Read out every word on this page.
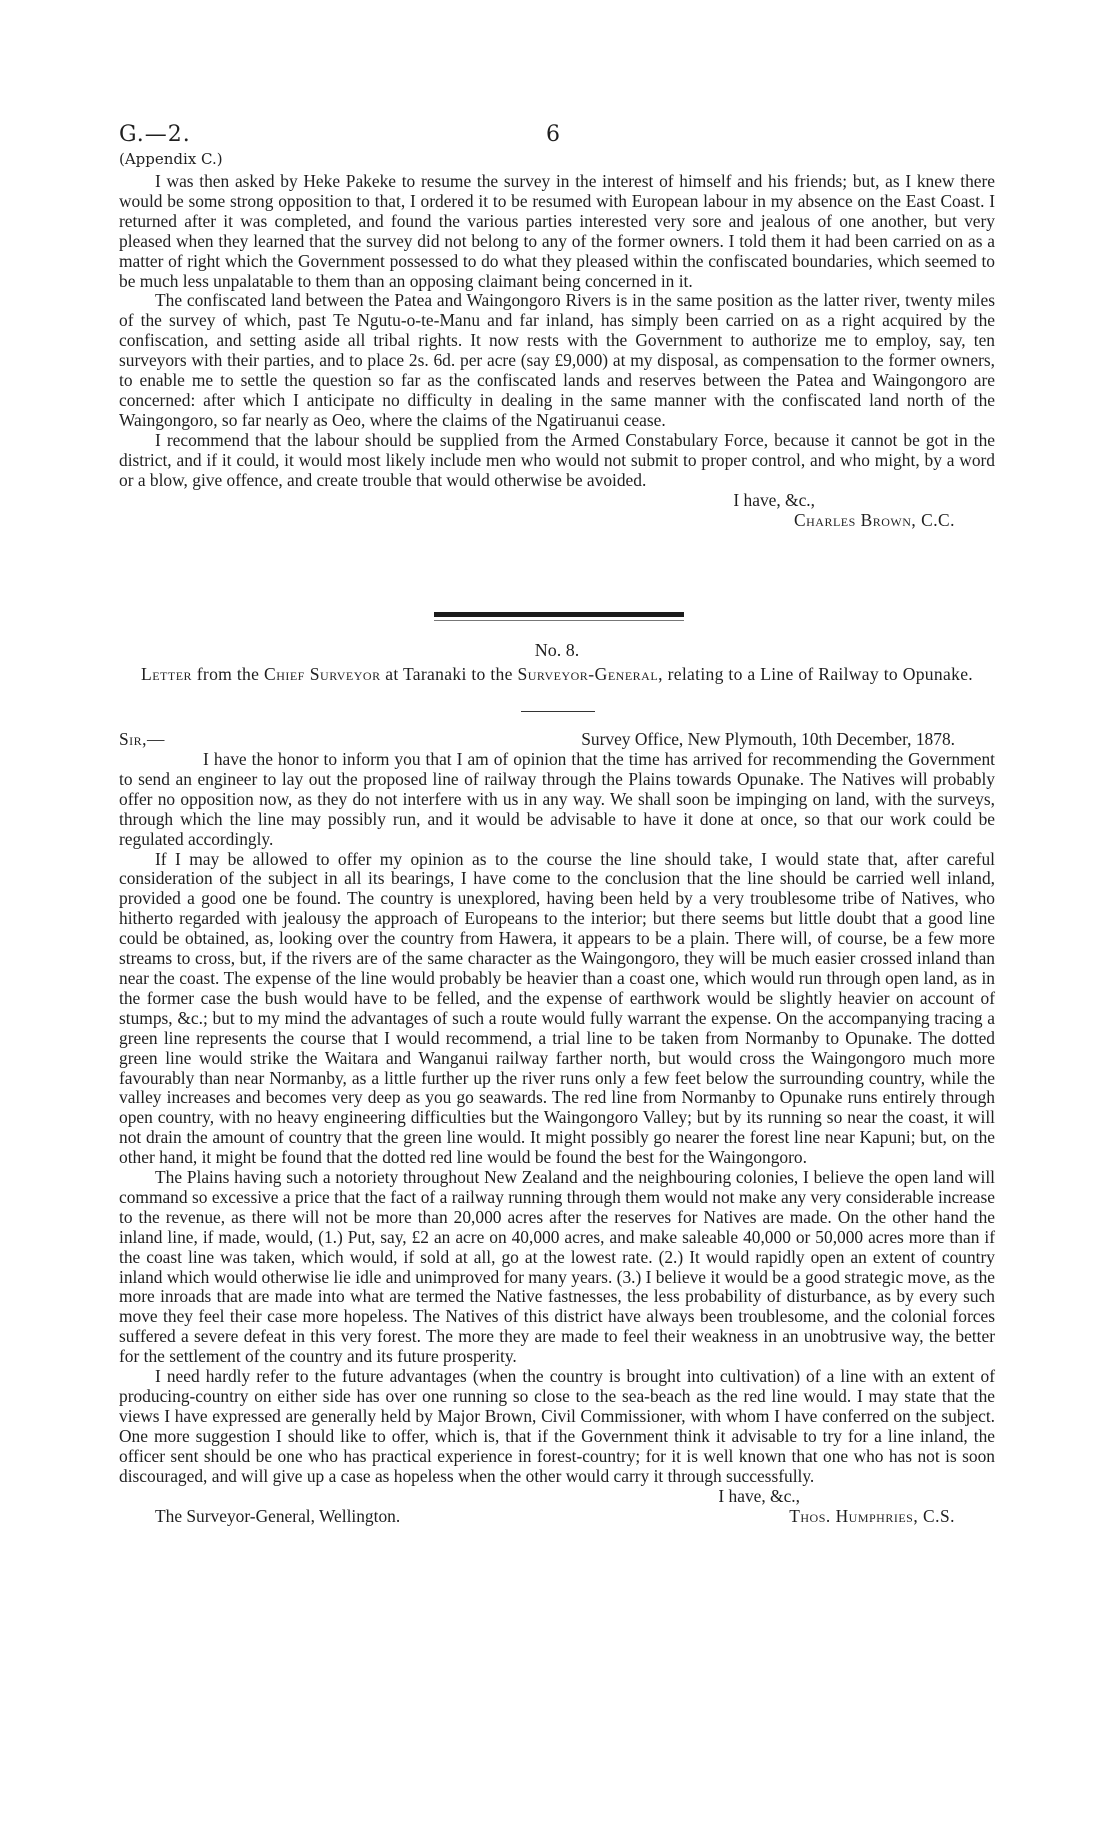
G.—2.
(Appendix C.)
6

I was then asked by Heke Pakeke to resume the survey in the interest of himself and his friends; but, as I knew there would be some strong opposition to that, I ordered it to be resumed with European labour in my absence on the East Coast. I returned after it was completed, and found the various parties interested very sore and jealous of one another, but very pleased when they learned that the survey did not belong to any of the former owners. I told them it had been carried on as a matter of right which the Government possessed to do what they pleased within the confiscated boundaries, which seemed to be much less unpalatable to them than an opposing claimant being concerned in it.

The confiscated land between the Patea and Waingongoro Rivers is in the same position as the latter river, twenty miles of the survey of which, past Te Ngutu-o-te-Manu and far inland, has simply been carried on as a right acquired by the confiscation, and setting aside all tribal rights. It now rests with the Government to authorize me to employ, say, ten surveyors with their parties, and to place 2s. 6d. per acre (say £9,000) at my disposal, as compensation to the former owners, to enable me to settle the question so far as the confiscated lands and reserves between the Patea and Waingongoro are concerned: after which I anticipate no difficulty in dealing in the same manner with the confiscated land north of the Waingongoro, so far nearly as Oeo, where the claims of the Ngatiruanui cease.

I recommend that the labour should be supplied from the Armed Constabulary Force, because it cannot be got in the district, and if it could, it would most likely include men who would not submit to proper control, and who might, by a word or a blow, give offence, and create trouble that would otherwise be avoided.

I have, &c.,
Charles Brown, C.C.
No. 8.
Letter from the Chief Surveyor at Taranaki to the Surveyor-General, relating to a Line of Railway to Opunake.
Sir,—	Survey Office, New Plymouth, 10th December, 1878.

I have the honor to inform you that I am of opinion that the time has arrived for recommending the Government to send an engineer to lay out the proposed line of railway through the Plains towards Opunake. The Natives will probably offer no opposition now, as they do not interfere with us in any way. We shall soon be impinging on land, with the surveys, through which the line may possibly run, and it would be advisable to have it done at once, so that our work could be regulated accordingly.

If I may be allowed to offer my opinion as to the course the line should take, I would state that, after careful consideration of the subject in all its bearings, I have come to the conclusion that the line should be carried well inland, provided a good one be found. The country is unexplored, having been held by a very troublesome tribe of Natives, who hitherto regarded with jealousy the approach of Europeans to the interior; but there seems but little doubt that a good line could be obtained, as, looking over the country from Hawera, it appears to be a plain. There will, of course, be a few more streams to cross, but, if the rivers are of the same character as the Waingongoro, they will be much easier crossed inland than near the coast. The expense of the line would probably be heavier than a coast one, which would run through open land, as in the former case the bush would have to be felled, and the expense of earthwork would be slightly heavier on account of stumps, &c.; but to my mind the advantages of such a route would fully warrant the expense. On the accompanying tracing a green line represents the course that I would recommend, a trial line to be taken from Normanby to Opunake. The dotted green line would strike the Waitara and Wanganui railway farther north, but would cross the Waingongoro much more favourably than near Normanby, as a little further up the river runs only a few feet below the surrounding country, while the valley increases and becomes very deep as you go seawards. The red line from Normanby to Opunake runs entirely through open country, with no heavy engineering difficulties but the Waingongoro Valley; but by its running so near the coast, it will not drain the amount of country that the green line would. It might possibly go nearer the forest line near Kapuni; but, on the other hand, it might be found that the dotted red line would be found the best for the Waingongoro.

The Plains having such a notoriety throughout New Zealand and the neighbouring colonies, I believe the open land will command so excessive a price that the fact of a railway running through them would not make any very considerable increase to the revenue, as there will not be more than 20,000 acres after the reserves for Natives are made. On the other hand the inland line, if made, would, (1.) Put, say, £2 an acre on 40,000 acres, and make saleable 40,000 or 50,000 acres more than if the coast line was taken, which would, if sold at all, go at the lowest rate. (2.) It would rapidly open an extent of country inland which would otherwise lie idle and unimproved for many years. (3.) I believe it would be a good strategic move, as the more inroads that are made into what are termed the Native fastnesses, the less probability of disturbance, as by every such move they feel their case more hopeless. The Natives of this district have always been troublesome, and the colonial forces suffered a severe defeat in this very forest. The more they are made to feel their weakness in an unobtrusive way, the better for the settlement of the country and its future prosperity.

I need hardly refer to the future advantages (when the country is brought into cultivation) of a line with an extent of producing-country on either side has over one running so close to the sea-beach as the red line would. I may state that the views I have expressed are generally held by Major Brown, Civil Commissioner, with whom I have conferred on the subject. One more suggestion I should like to offer, which is, that if the Government think it advisable to try for a line inland, the officer sent should be one who has practical experience in forest-country; for it is well known that one who has not is soon discouraged, and will give up a case as hopeless when the other would carry it through successfully.

I have, &c.,
The Surveyor-General, Wellington.	Thos. Humphries, C.S.
